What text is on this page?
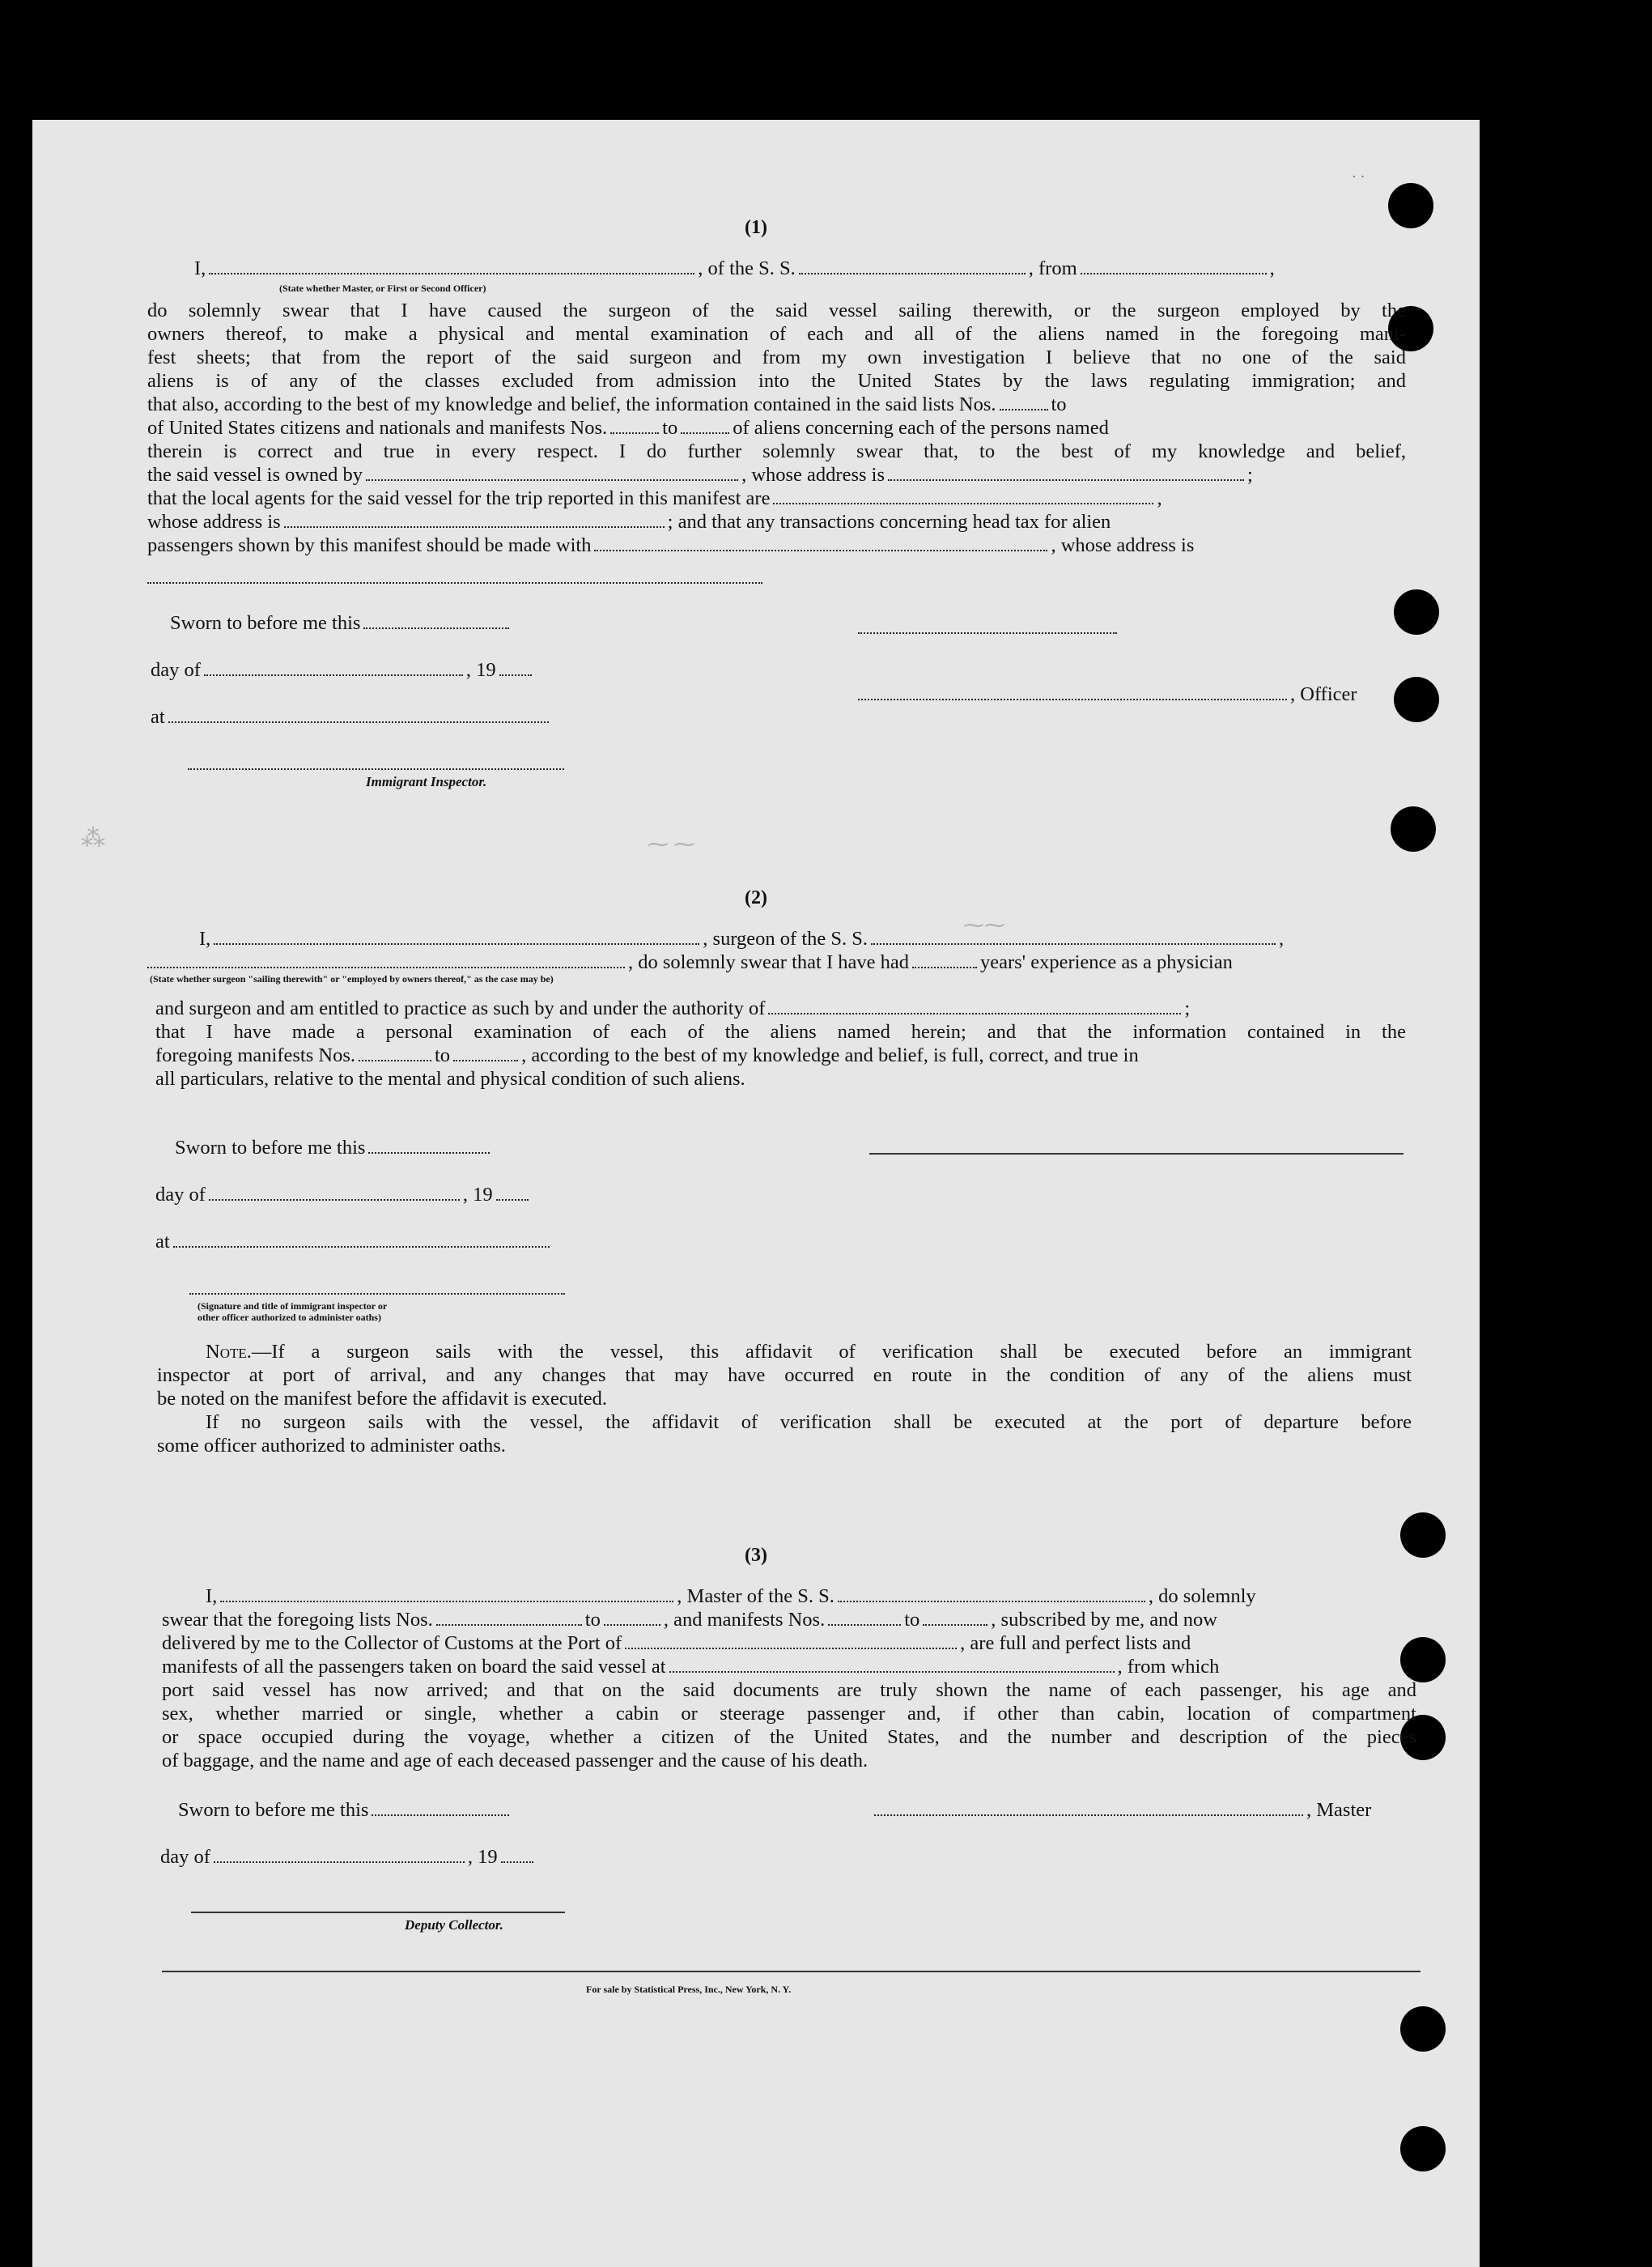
⁂	⁓ ⁓
⁓⁓
(1)
I,	, of the S. S.	, from	,
(State whether Master, or First or Second Officer)
do solemnly swear that I have caused the surgeon of the said vessel sailing therewith, or the surgeon employed by the
owners thereof, to make a physical and mental examination of each and all of the aliens named in the foregoing mani-
fest sheets; that from the report of the said surgeon and from my own investigation I believe that no one of the said
aliens is of any of the classes excluded from admission into the United States by the laws regulating immigration; and
that also, according to the best of my knowledge and belief, the information contained in the said lists Nos.	to
of United States citizens and nationals and manifests Nos.	to	of aliens concerning each of the persons named
therein is correct and true in every respect. I do further solemnly swear that, to the best of my knowledge and belief,
the said vessel is owned by	, whose address is	;
that the local agents for the said vessel for the trip reported in this manifest are	,
whose address is	; and that any transactions concerning head tax for alien
passengers shown by this manifest should be made with	, whose address is
Sworn to before me this
day of	, 19
, Officer
at
Immigrant Inspector.
(2)
I,	, surgeon of the S. S.	,
, do solemnly swear that I have had	years' experience as a physician
(State whether surgeon "sailing therewith" or "employed by owners thereof," as the case may be)
and surgeon and am entitled to practice as such by and under the authority of	;
that I have made a personal examination of each of the aliens named herein; and that the information contained in the
foregoing manifests Nos.	to	, according to the best of my knowledge and belief, is full, correct, and true in
all particulars, relative to the mental and physical condition of such aliens.
Sworn to before me this
day of	, 19
at
(Signature and title of immigrant inspector or
other officer authorized to administer oaths)
Note.—If a surgeon sails with the vessel, this affidavit of verification shall be executed before an immigrant
inspector at port of arrival, and any changes that may have occurred en route in the condition of any of the aliens must
be noted on the manifest before the affidavit is executed.
If no surgeon sails with the vessel, the affidavit of verification shall be executed at the port of departure before
some officer authorized to administer oaths.
(3)
I,	, Master of the S. S.	, do solemnly
swear that the foregoing lists Nos.	to	, and manifests Nos.	to	, subscribed by me, and now
delivered by me to the Collector of Customs at the Port of	, are full and perfect lists and
manifests of all the passengers taken on board the said vessel at	, from which
port said vessel has now arrived; and that on the said documents are truly shown the name of each passenger, his age and
sex, whether married or single, whether a cabin or steerage passenger and, if other than cabin, location of compartment
or space occupied during the voyage, whether a citizen of the United States, and the number and description of the pieces
of baggage, and the name and age of each deceased passenger and the cause of his death.
Sworn to before me this	, Master
day of	, 19
Deputy Collector.
For sale by Statistical Press, Inc., New York, N. Y.
· ·
